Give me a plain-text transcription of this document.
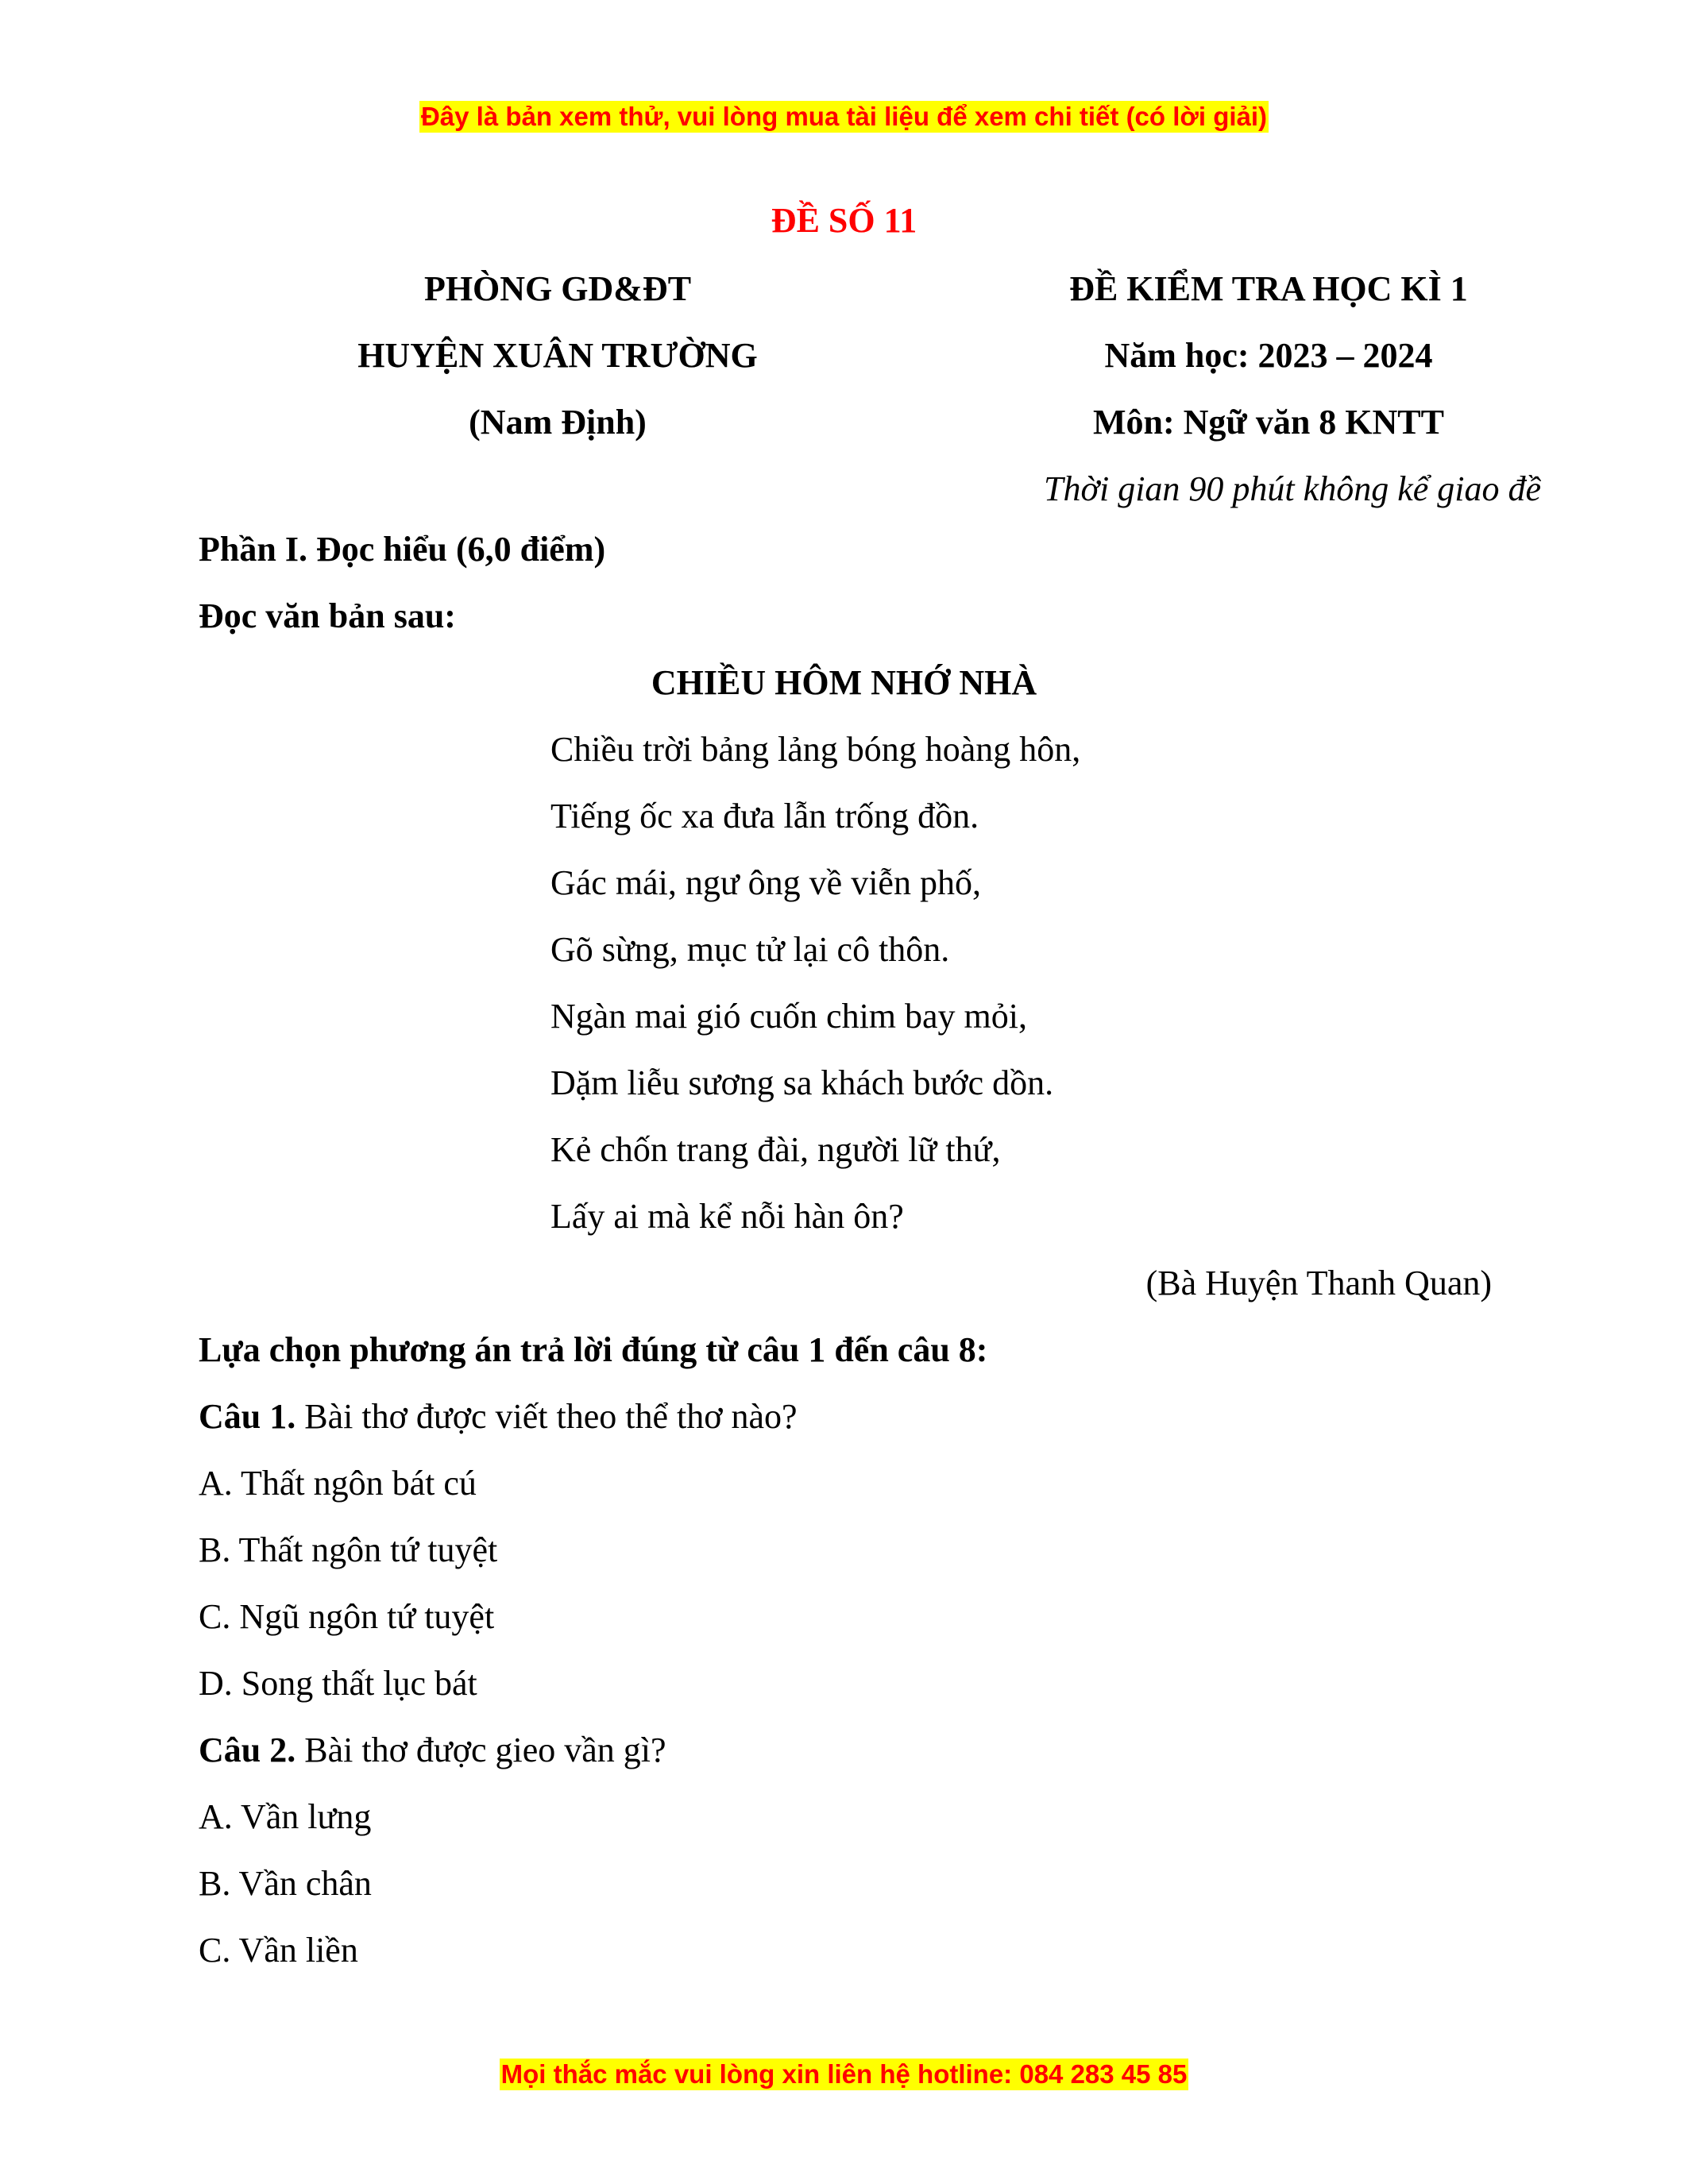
Đây là bản xem thử, vui lòng mua tài liệu để xem chi tiết (có lời giải)
ĐỀ SỐ 11
PHÒNG GD&ĐT
HUYỆN XUÂN TRƯỜNG
(Nam Định)
ĐỀ KIỂM TRA HỌC KÌ 1
Năm học: 2023 – 2024
Môn: Ngữ văn 8 KNTT
Thời gian 90 phút không kể giao đề
Phần I. Đọc hiểu (6,0 điểm)
Đọc văn bản sau:
CHIỀU HÔM NHỚ NHÀ
Chiều trời bảng lảng bóng hoàng hôn,
Tiếng ốc xa đưa lẫn trống đồn.
Gác mái, ngư ông về viễn phố,
Gõ sừng, mục tử lại cô thôn.
Ngàn mai gió cuốn chim bay mỏi,
Dặm liễu sương sa khách bước dồn.
Kẻ chốn trang đài, người lữ thứ,
Lấy ai mà kể nỗi hàn ôn?
(Bà Huyện Thanh Quan)
Lựa chọn phương án trả lời đúng từ câu 1 đến câu 8:
Câu 1. Bài thơ được viết theo thể thơ nào?
A. Thất ngôn bát cú
B. Thất ngôn tứ tuyệt
C. Ngũ ngôn tứ tuyệt
D. Song thất lục bát
Câu 2. Bài thơ được gieo vần gì?
A. Vần lưng
B. Vần chân
C. Vần liền
Mọi thắc mắc vui lòng xin liên hệ hotline: 084 283 45 85
